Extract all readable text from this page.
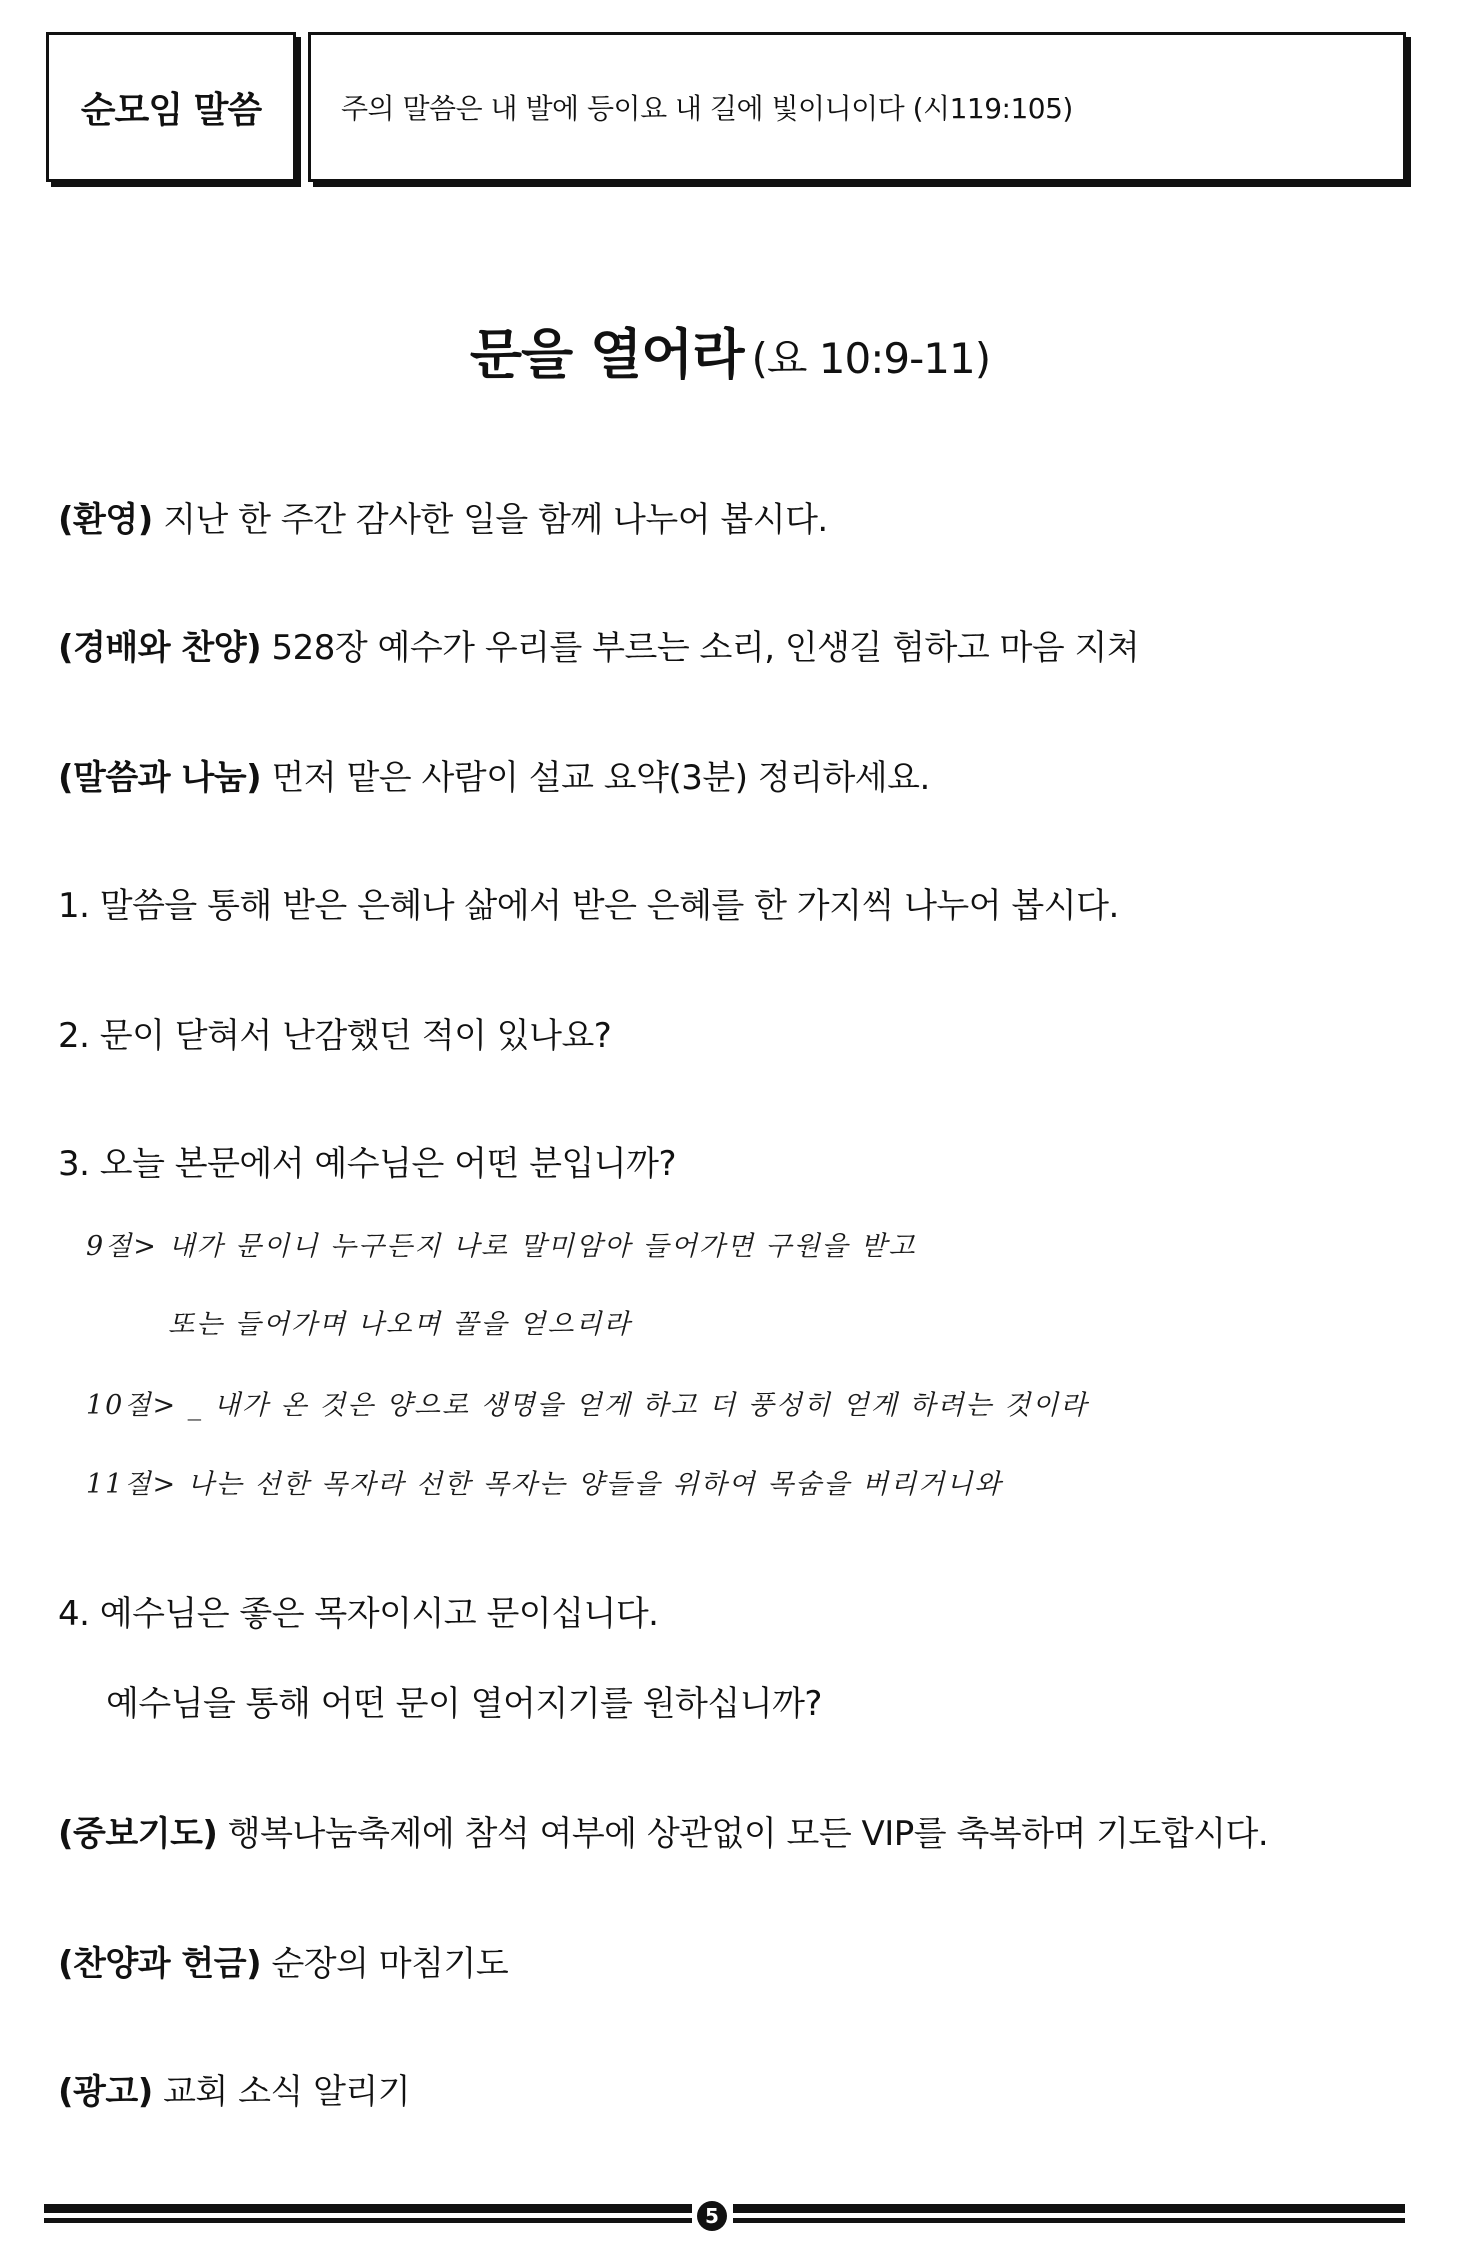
순모임 말씀	주의 말씀은 내 발에 등이요 내 길에 빛이니이다 (시119:105)
문을 열어라 (요 10:9-11)
(환영) 지난 한 주간 감사한 일을 함께 나누어 봅시다.
(경배와 찬양) 528장 예수가 우리를 부르는 소리, 인생길 험하고 마음 지쳐
(말씀과 나눔) 먼저 맡은 사람이 설교 요약(3분) 정리하세요.
1. 말씀을 통해 받은 은혜나 삶에서 받은 은혜를 한 가지씩 나누어 봅시다.
2. 문이 닫혀서 난감했던 적이 있나요?
3. 오늘 본문에서 예수님은 어떤 분입니까?
9절> 내가 문이니 누구든지 나로 말미암아 들어가면 구원을 받고
또는 들어가며 나오며 꼴을 얻으리라
10절> _ 내가 온 것은 양으로 생명을 얻게 하고 더 풍성히 얻게 하려는 것이라
11절> 나는 선한 목자라 선한 목자는 양들을 위하여 목숨을 버리거니와
4. 예수님은 좋은 목자이시고 문이십니다.
예수님을 통해 어떤 문이 열어지기를 원하십니까?
(중보기도) 행복나눔축제에 참석 여부에 상관없이 모든 VIP를 축복하며 기도합시다.
(찬양과 헌금) 순장의 마침기도
(광고) 교회 소식 알리기
5
